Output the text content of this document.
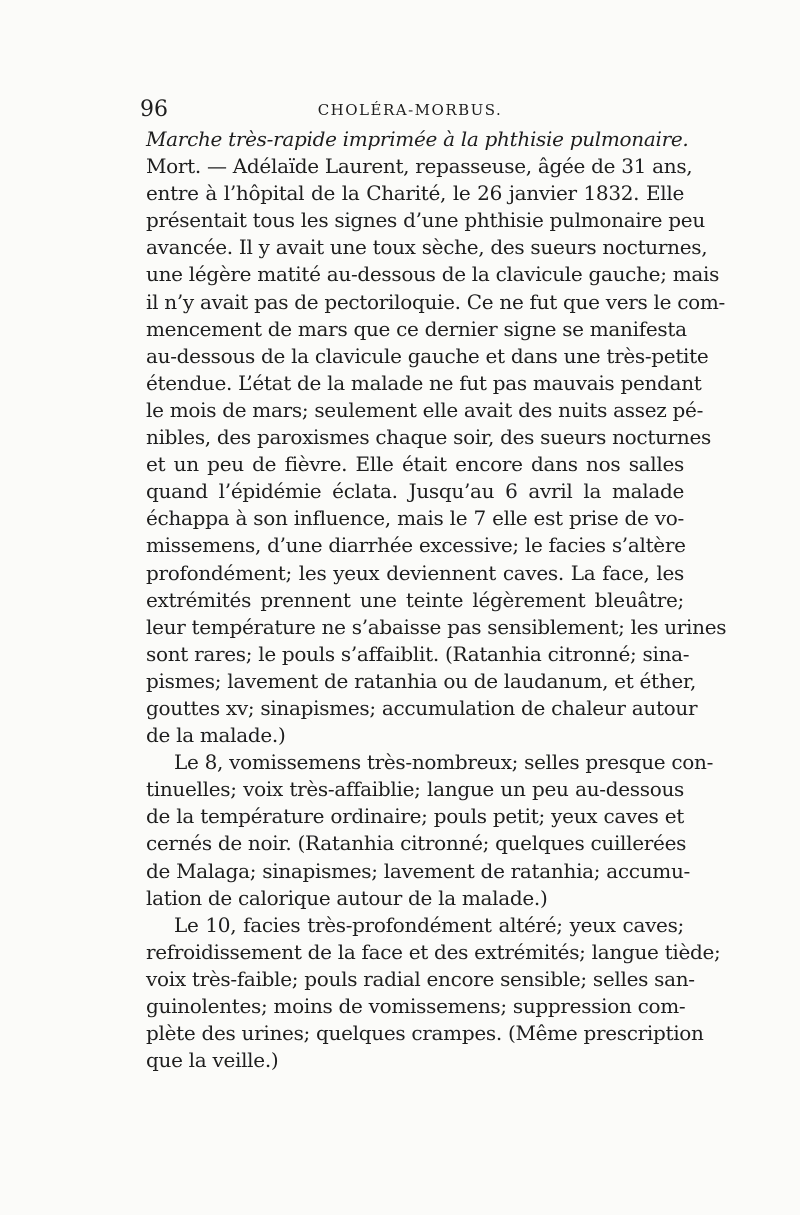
96	CHOLÉRA-MORBUS.
Marche très-rapide imprimée à la phthisie pulmonaire.
Mort. — Adélaïde Laurent, repasseuse, âgée de 31 ans,
entre à l’hôpital de la Charité, le 26 janvier 1832. Elle
présentait tous les signes d’une phthisie pulmonaire peu
avancée. Il y avait une toux sèche, des sueurs nocturnes,
une légère matité au-dessous de la clavicule gauche; mais
il n’y avait pas de pectoriloquie. Ce ne fut que vers le com-
mencement de mars que ce dernier signe se manifesta
au-dessous de la clavicule gauche et dans une très-petite
étendue. L’état de la malade ne fut pas mauvais pendant
le mois de mars; seulement elle avait des nuits assez pé-
nibles, des paroxismes chaque soir, des sueurs nocturnes
et un peu de fièvre. Elle était encore dans nos salles
quand l’épidémie éclata. Jusqu’au 6 avril la malade
échappa à son influence, mais le 7 elle est prise de vo-
missemens, d’une diarrhée excessive; le facies s’altère
profondément; les yeux deviennent caves. La face, les
extrémités prennent une teinte légèrement bleuâtre;
leur température ne s’abaisse pas sensiblement; les urines
sont rares; le pouls s’affaiblit. (Ratanhia citronné; sina-
pismes; lavement de ratanhia ou de laudanum, et éther,
gouttes xv; sinapismes; accumulation de chaleur autour
de la malade.)
Le 8, vomissemens très-nombreux; selles presque con-
tinuelles; voix très-affaiblie; langue un peu au-dessous
de la température ordinaire; pouls petit; yeux caves et
cernés de noir. (Ratanhia citronné; quelques cuillerées
de Malaga; sinapismes; lavement de ratanhia; accumu-
lation de calorique autour de la malade.)
Le 10, facies très-profondément altéré; yeux caves;
refroidissement de la face et des extrémités; langue tiède;
voix très-faible; pouls radial encore sensible; selles san-
guinolentes; moins de vomissemens; suppression com-
plète des urines; quelques crampes. (Même prescription
que la veille.)
